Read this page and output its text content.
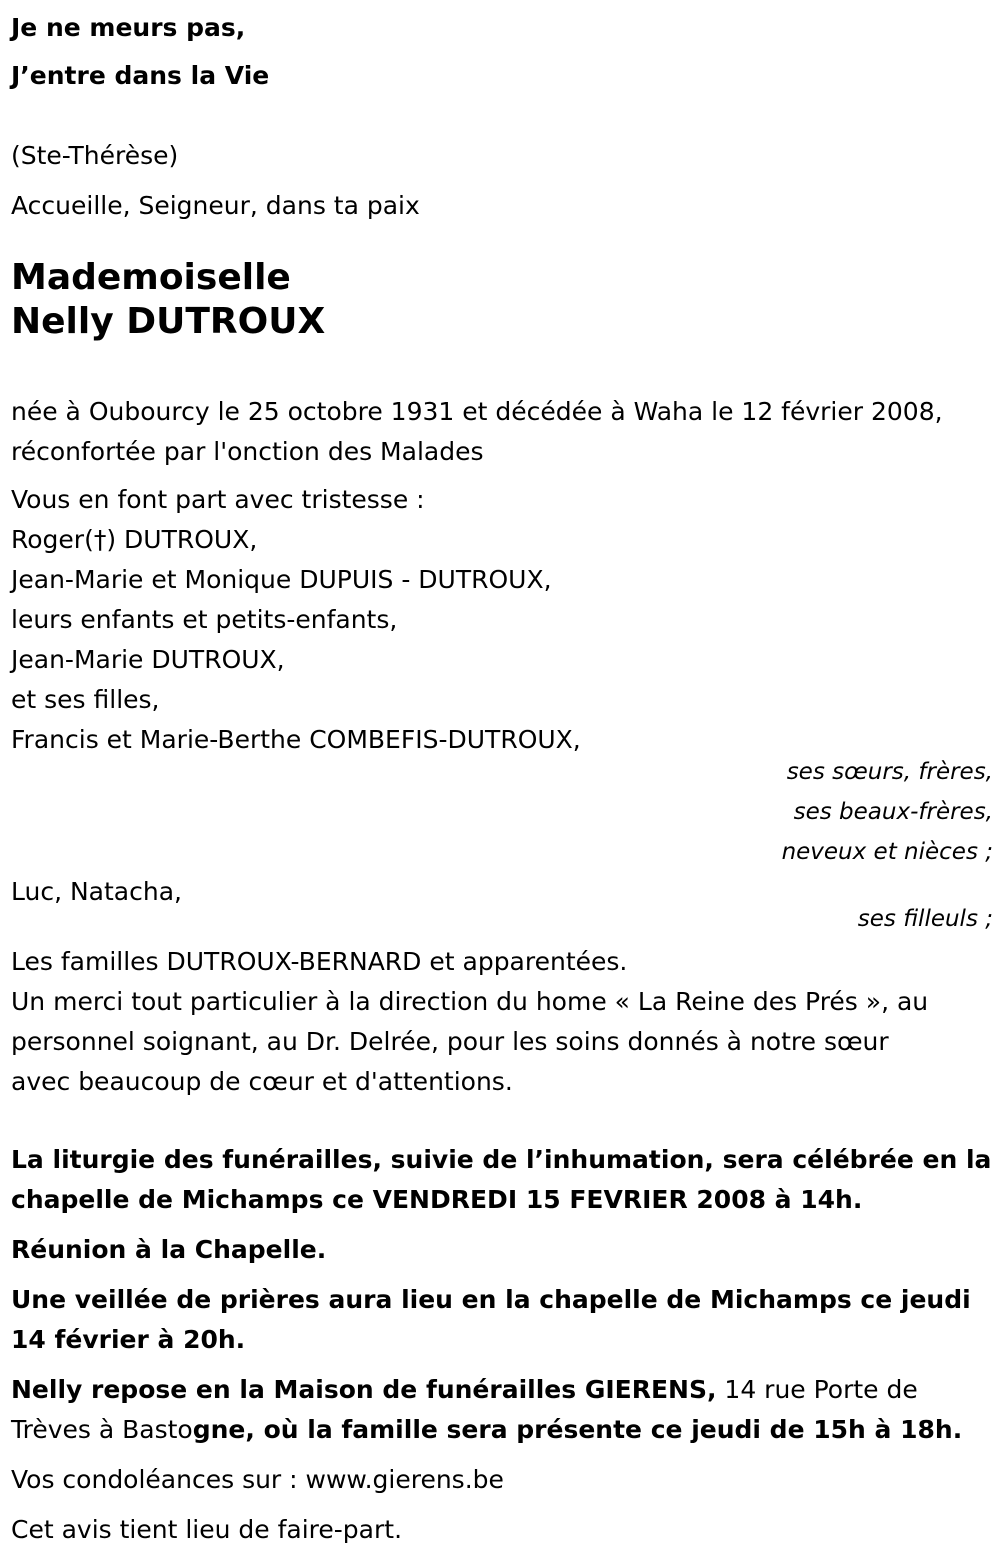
Je ne meurs pas,
J’entre dans la Vie
(Ste-Thérèse)
Accueille, Seigneur, dans ta paix
Mademoiselle
Nelly DUTROUX
née à Oubourcy le 25 octobre 1931 et décédée à Waha le 12 février 2008,
réconfortée par l'onction des Malades
Vous en font part avec tristesse :
Roger(†) DUTROUX,
Jean-Marie et Monique DUPUIS - DUTROUX,
leurs enfants et petits-enfants,
Jean-Marie DUTROUX,
et ses filles,
Francis et Marie-Berthe COMBEFIS-DUTROUX,
ses sœurs, frères,
ses beaux-frères,
neveux et nièces ;
Luc, Natacha,
ses filleuls ;
Les familles DUTROUX-BERNARD et apparentées.
Un merci tout particulier à la direction du home « La Reine des Prés », au
personnel soignant, au Dr. Delrée, pour les soins donnés à notre sœur
avec beaucoup de cœur et d'attentions.
La liturgie des funérailles, suivie de l’inhumation, sera célébrée en la
chapelle de Michamps ce VENDREDI 15 FEVRIER 2008 à 14h.
Réunion à la Chapelle.
Une veillée de prières aura lieu en la chapelle de Michamps ce jeudi
14 février à 20h.
Nelly repose en la Maison de funérailles GIERENS, 14 rue Porte de
Trèves à Bastogne, où la famille sera présente ce jeudi de 15h à 18h.
Vos condoléances sur : www.gierens.be
Cet avis tient lieu de faire-part.
